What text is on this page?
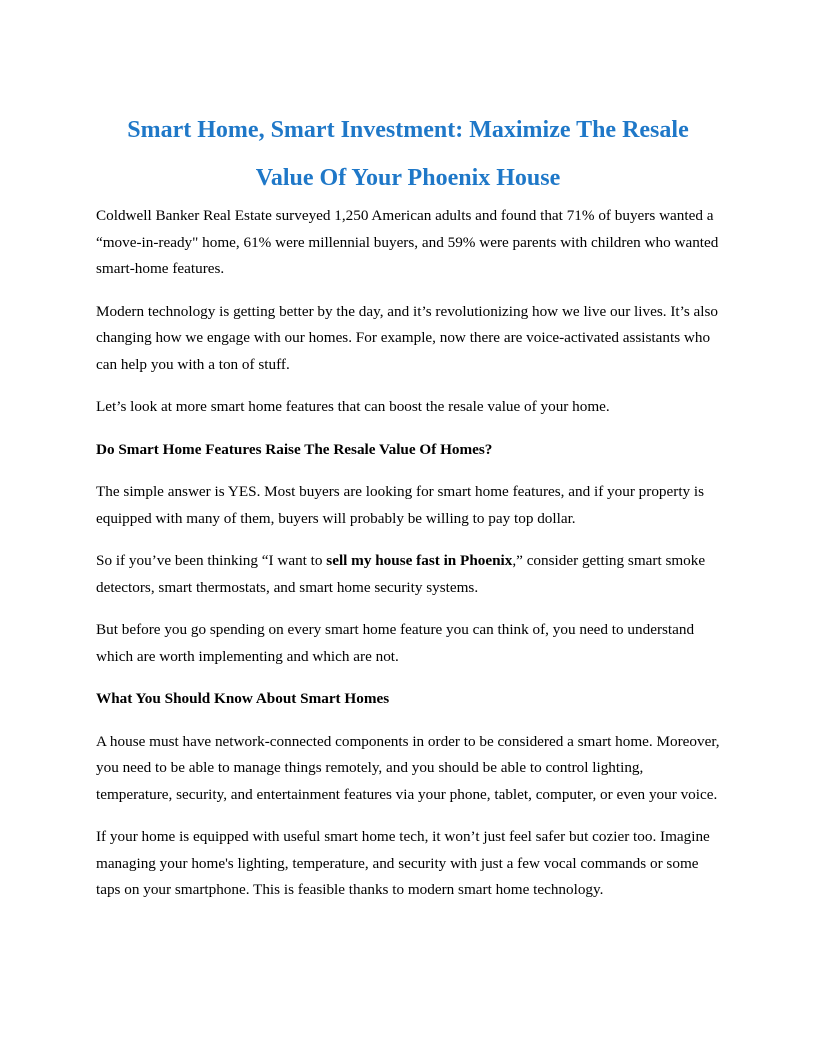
Smart Home, Smart Investment: Maximize The Resale
Value Of Your Phoenix House

Coldwell Banker Real Estate surveyed 1,250 American adults and found that 71% of buyers wanted a “move-in-ready" home, 61% were millennial buyers, and 59% were parents with children who wanted smart-home features.

Modern technology is getting better by the day, and it’s revolutionizing how we live our lives. It’s also changing how we engage with our homes. For example, now there are voice-activated assistants who can help you with a ton of stuff.

Let’s look at more smart home features that can boost the resale value of your home.

Do Smart Home Features Raise The Resale Value Of Homes?

The simple answer is YES. Most buyers are looking for smart home features, and if your property is equipped with many of them, buyers will probably be willing to pay top dollar.

So if you’ve been thinking “I want to sell my house fast in Phoenix,” consider getting smart smoke detectors, smart thermostats, and smart home security systems.

But before you go spending on every smart home feature you can think of, you need to understand which are worth implementing and which are not.

What You Should Know About Smart Homes

A house must have network-connected components in order to be considered a smart home. Moreover, you need to be able to manage things remotely, and you should be able to control lighting, temperature, security, and entertainment features via your phone, tablet, computer, or even your voice.

If your home is equipped with useful smart home tech, it won’t just feel safer but cozier too. Imagine managing your home's lighting, temperature, and security with just a few vocal commands or some taps on your smartphone. This is feasible thanks to modern smart home technology.
